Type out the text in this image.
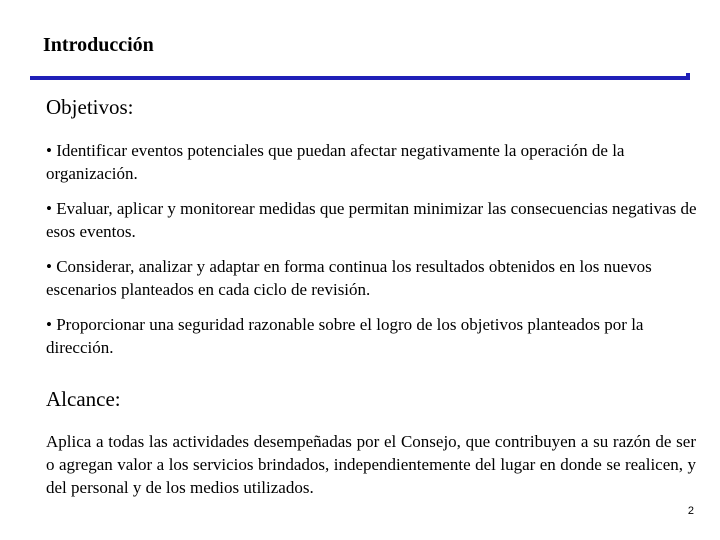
Introducción
Objetivos:
• Identificar eventos potenciales que puedan afectar negativamente la operación de la organización.
• Evaluar, aplicar y monitorear medidas que permitan minimizar las consecuencias negativas de esos eventos.
• Considerar, analizar y adaptar en forma continua los resultados obtenidos en los nuevos escenarios planteados en cada ciclo de revisión.
• Proporcionar una seguridad razonable sobre el logro de los objetivos planteados por la dirección.
Alcance:

Aplica a todas las actividades desempeñadas por el Consejo, que contribuyen a su razón de ser o agregan valor a los servicios brindados, independientemente del lugar en donde se realicen, y del personal y de los medios utilizados.

2
